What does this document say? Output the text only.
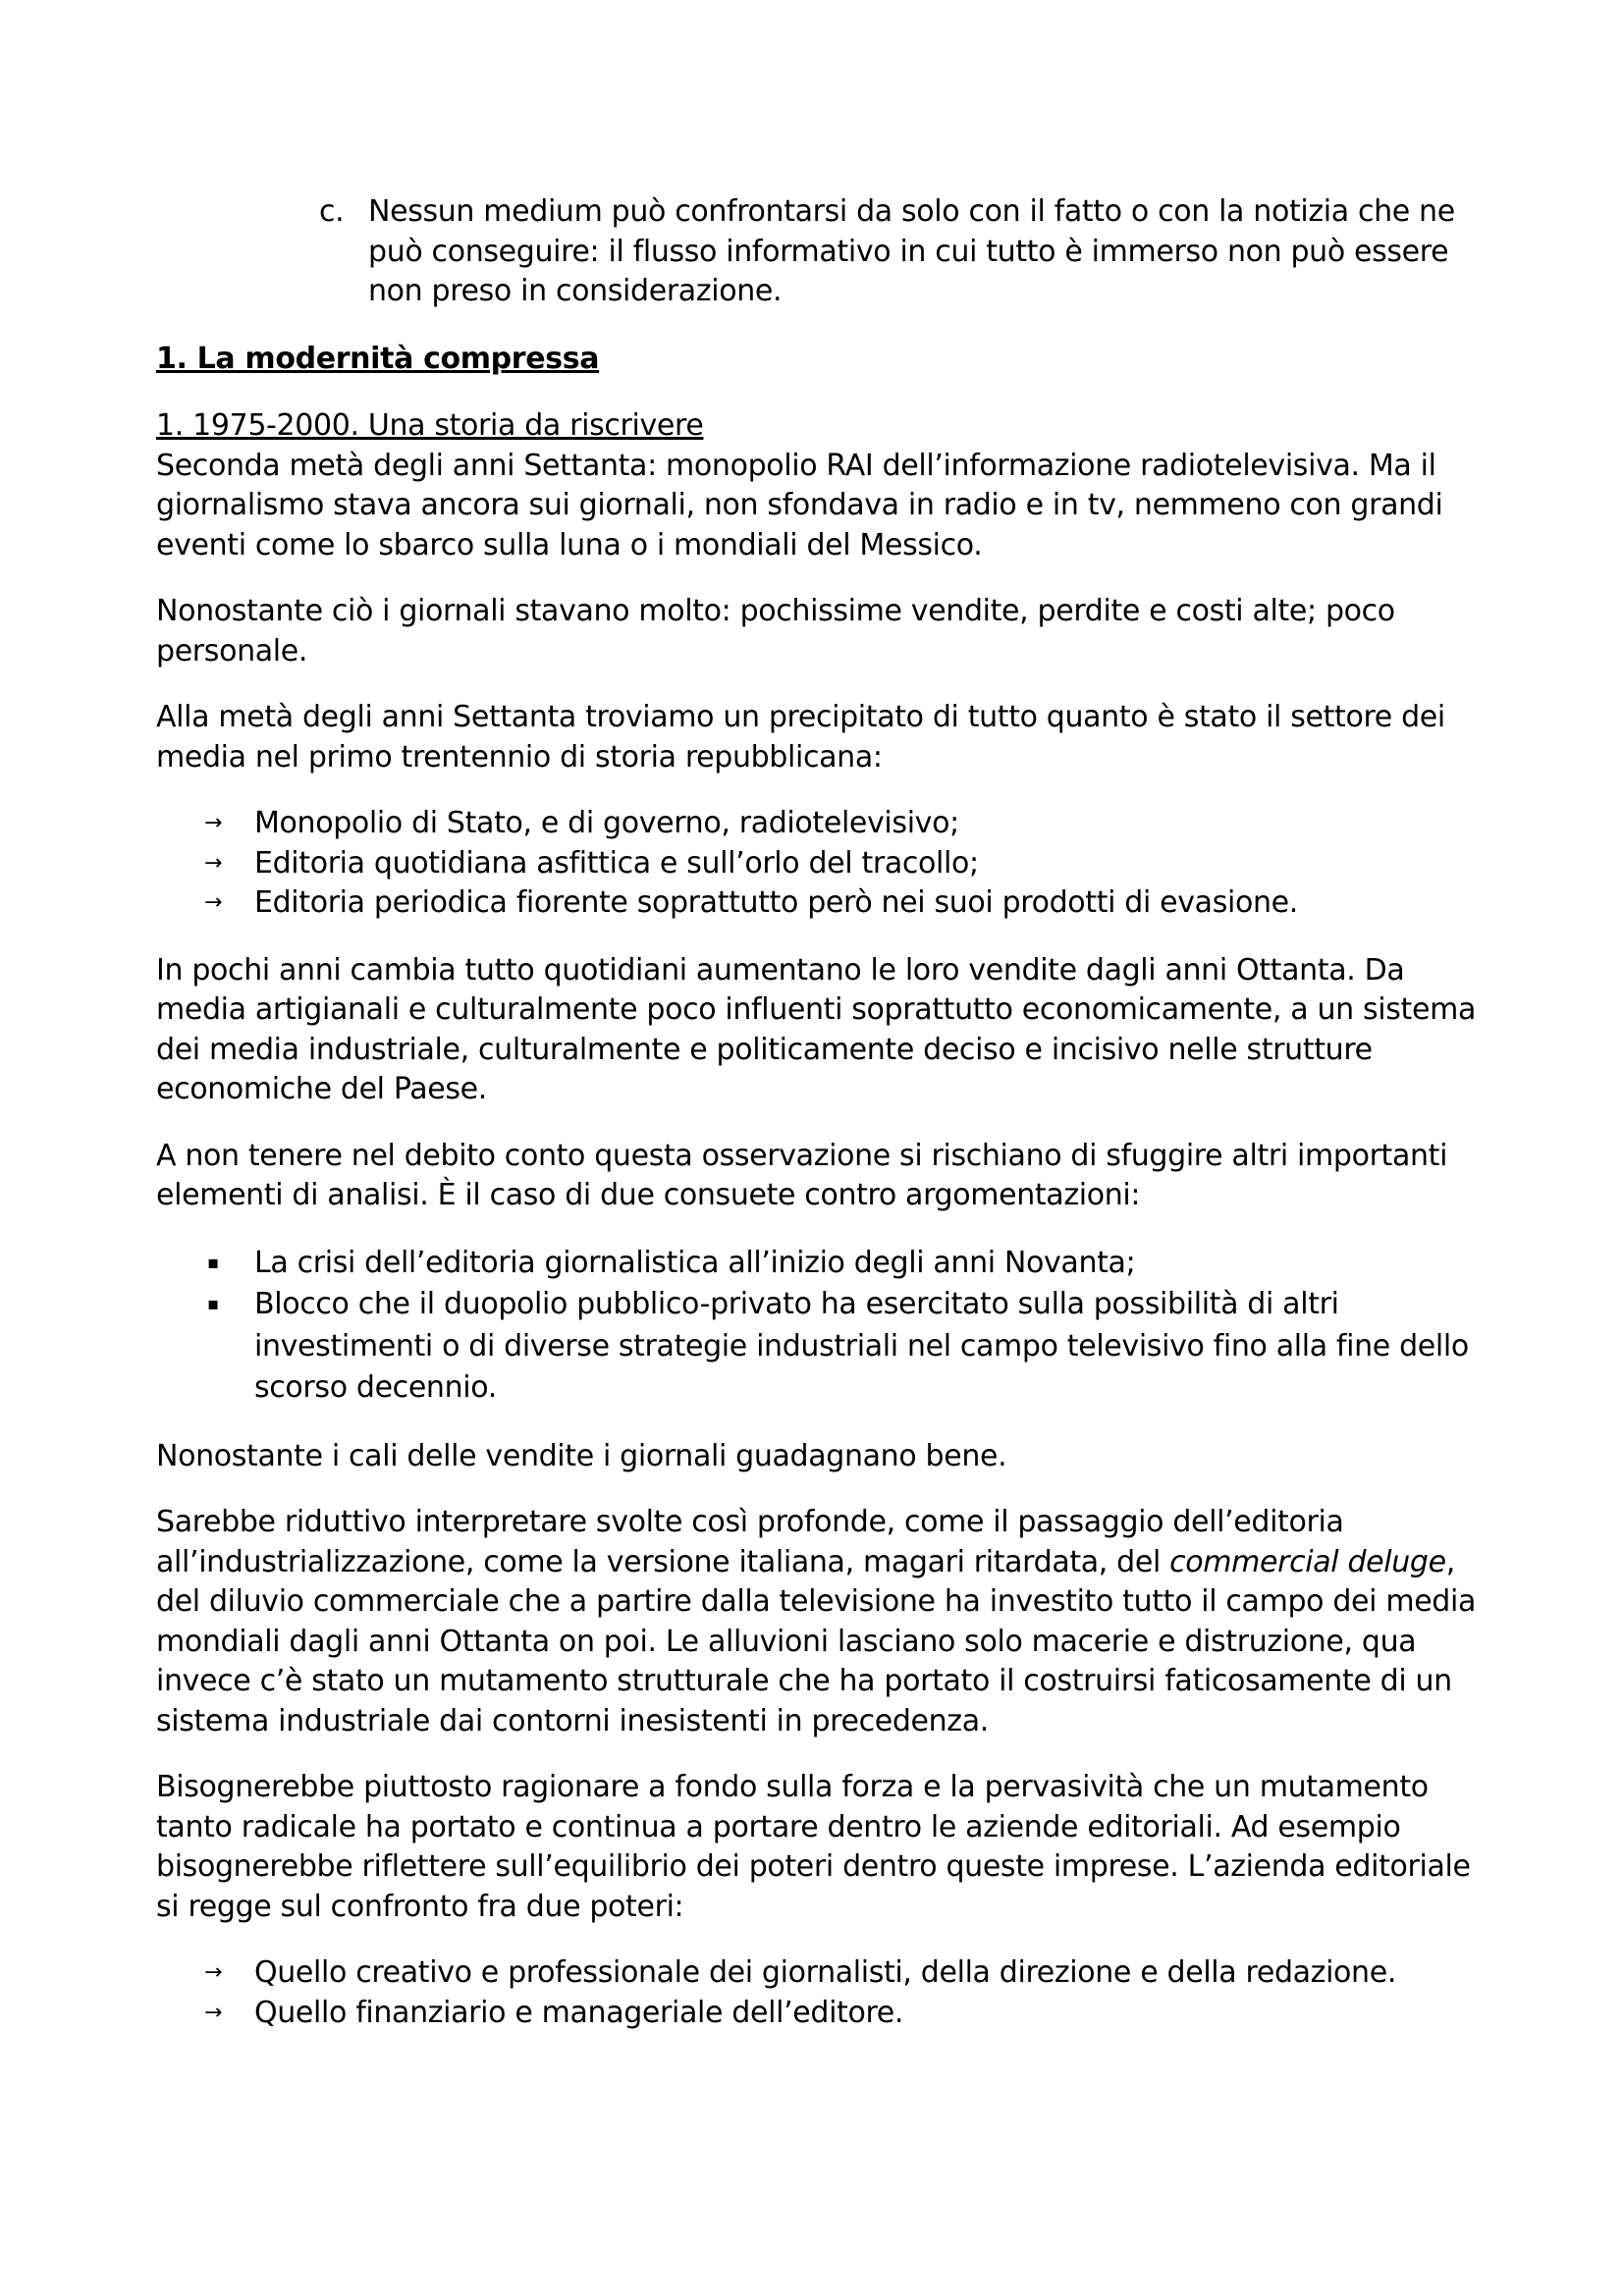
c. Nessun medium può confrontarsi da solo con il fatto o con la notizia che ne può conseguire: il flusso informativo in cui tutto è immerso non può essere non preso in considerazione.

1. La modernità compressa

1. 1975-2000. Una storia da riscrivere

Seconda metà degli anni Settanta: monopolio RAI dell’informazione radiotelevisiva. Ma il giornalismo stava ancora sui giornali, non sfondava in radio e in tv, nemmeno con grandi eventi come lo sbarco sulla luna o i mondiali del Messico.

Nonostante ciò i giornali stavano molto: pochissime vendite, perdite e costi alte; poco personale.

Alla metà degli anni Settanta troviamo un precipitato di tutto quanto è stato il settore dei media nel primo trentennio di storia repubblicana:

→ Monopolio di Stato, e di governo, radiotelevisivo;
→ Editoria quotidiana asfittica e sull’orlo del tracollo;
→ Editoria periodica fiorente soprattutto però nei suoi prodotti di evasione.

In pochi anni cambia tutto quotidiani aumentano le loro vendite dagli anni Ottanta. Da media artigianali e culturalmente poco influenti soprattutto economicamente, a un sistema dei media industriale, culturalmente e politicamente deciso e incisivo nelle strutture economiche del Paese.

A non tenere nel debito conto questa osservazione si rischiano di sfuggire altri importanti elementi di analisi. È il caso di due consuete contro argomentazioni:

▪ La crisi dell’editoria giornalistica all’inizio degli anni Novanta;
▪ Blocco che il duopolio pubblico-privato ha esercitato sulla possibilità di altri investimenti o di diverse strategie industriali nel campo televisivo fino alla fine dello scorso decennio.

Nonostante i cali delle vendite i giornali guadagnano bene.

Sarebbe riduttivo interpretare svolte così profonde, come il passaggio dell’editoria all’industrializzazione, come la versione italiana, magari ritardata, del commercial deluge, del diluvio commerciale che a partire dalla televisione ha investito tutto il campo dei media mondiali dagli anni Ottanta on poi. Le alluvioni lasciano solo macerie e distruzione, qua invece c’è stato un mutamento strutturale che ha portato il costruirsi faticosamente di un sistema industriale dai contorni inesistenti in precedenza.

Bisognerebbe piuttosto ragionare a fondo sulla forza e la pervasività che un mutamento tanto radicale ha portato e continua a portare dentro le aziende editoriali. Ad esempio bisognerebbe riflettere sull’equilibrio dei poteri dentro queste imprese. L’azienda editoriale si regge sul confronto fra due poteri:

→ Quello creativo e professionale dei giornalisti, della direzione e della redazione.
→ Quello finanziario e manageriale dell’editore.
